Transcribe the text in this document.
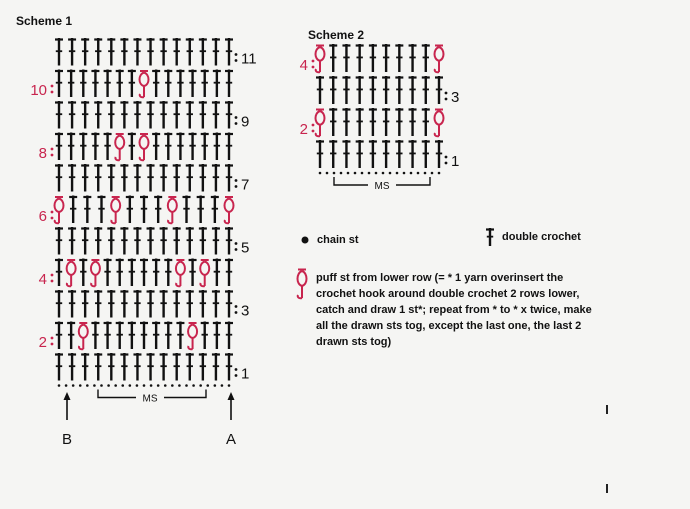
11
10
9
8
7
6
5
4
3
2
1
MS
4
3
2
1
MS
B	A
Scheme 1
Scheme 2
chain st	double crochet
puff st from lower row (= * 1 yarn overinsert the crochet hook around double crochet 2 rows lower, catch and draw 1 st*; repeat from * to * x twice, make all the drawn sts tog, except the last one, the last 2 drawn sts tog)
